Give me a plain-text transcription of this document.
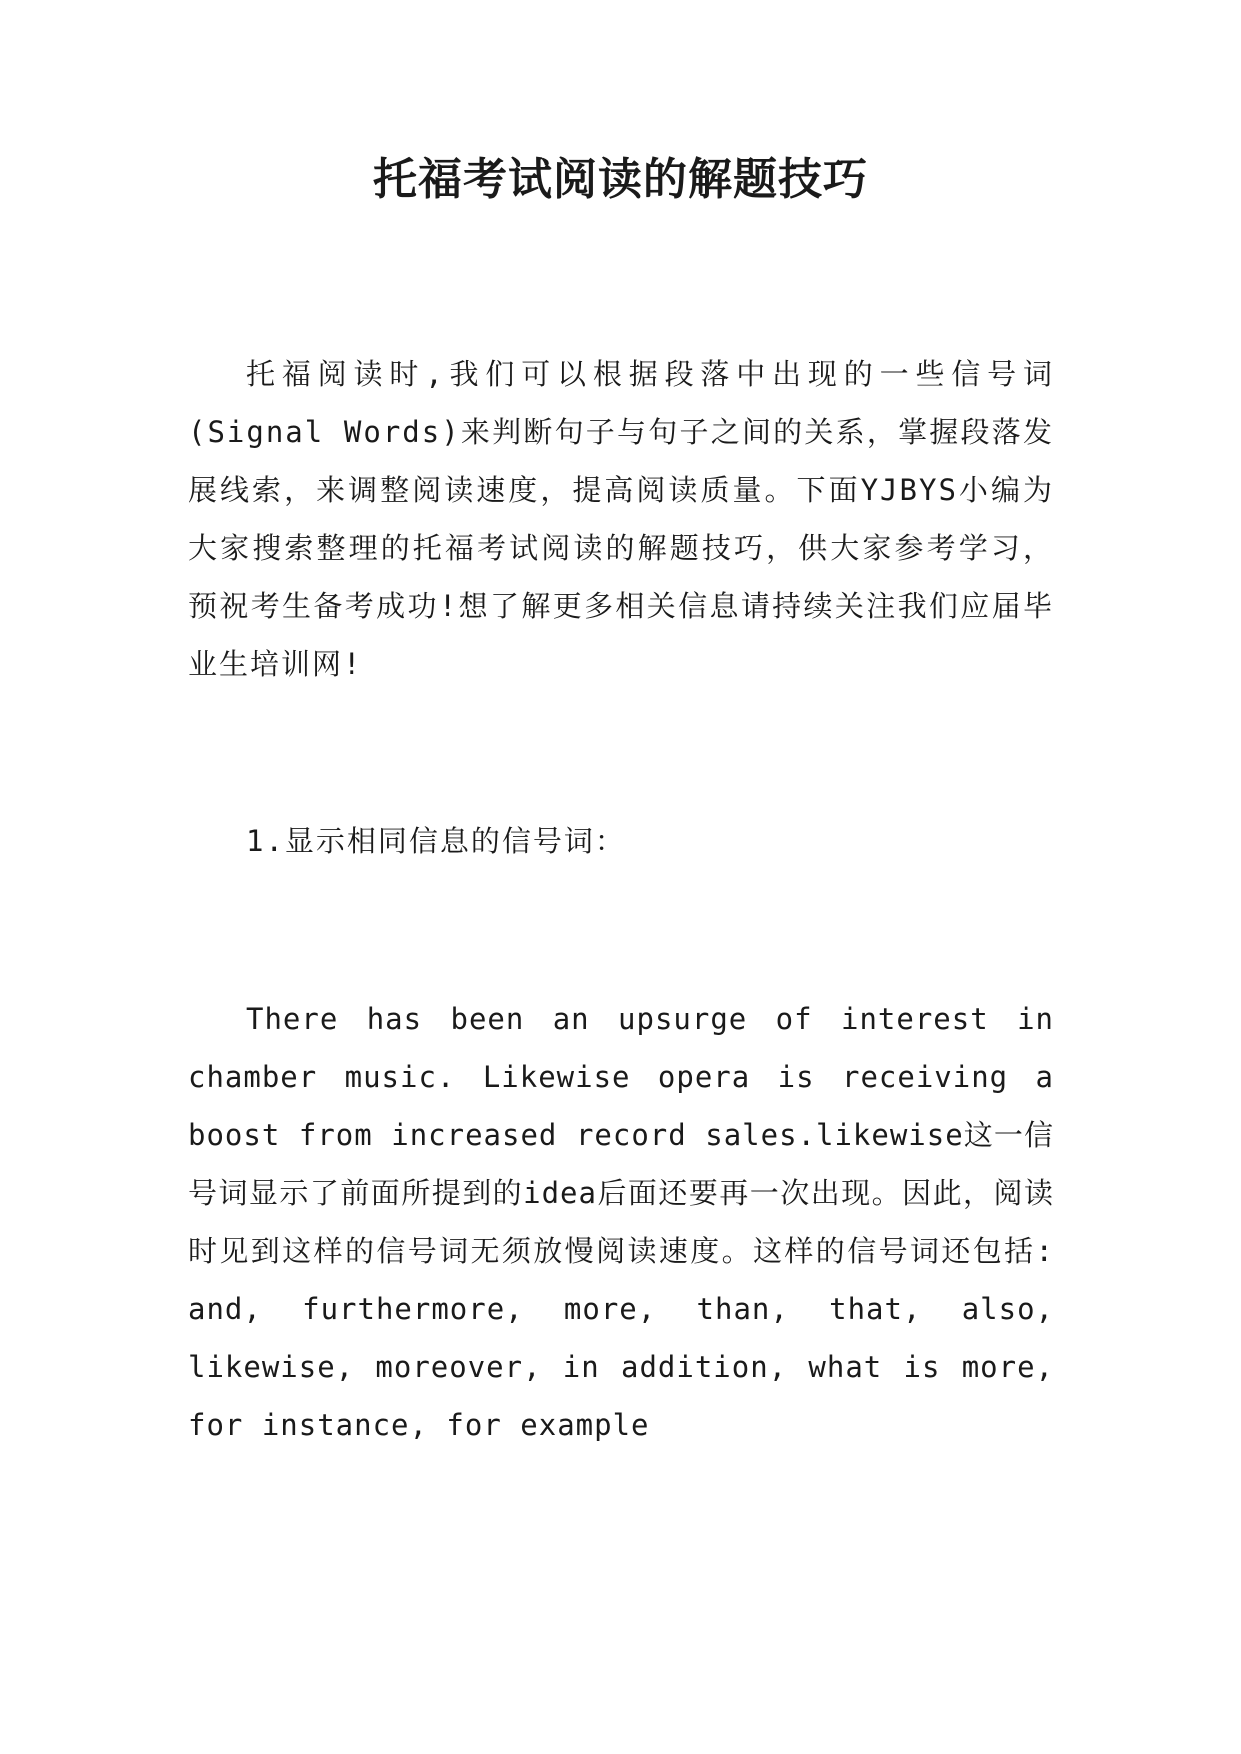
托福考试阅读的解题技巧

托福阅读时,我们可以根据段落中出现的一些信号词(Signal Words)来判断句子与句子之间的关系，掌握段落发展线索，来调整阅读速度，提高阅读质量。下面YJBYS小编为大家搜索整理的托福考试阅读的解题技巧，供大家参考学习，预祝考生备考成功!想了解更多相关信息请持续关注我们应届毕业生培训网!

1.显示相同信息的信号词：

There has been an upsurge of interest in chamber music. Likewise opera is receiving a boost from increased record sales.likewise这一信号词显示了前面所提到的idea后面还要再一次出现。因此，阅读时见到这样的信号词无须放慢阅读速度。这样的信号词还包括: and, furthermore, more, than, that, also, likewise, moreover, in addition, what is more, for instance, for example
